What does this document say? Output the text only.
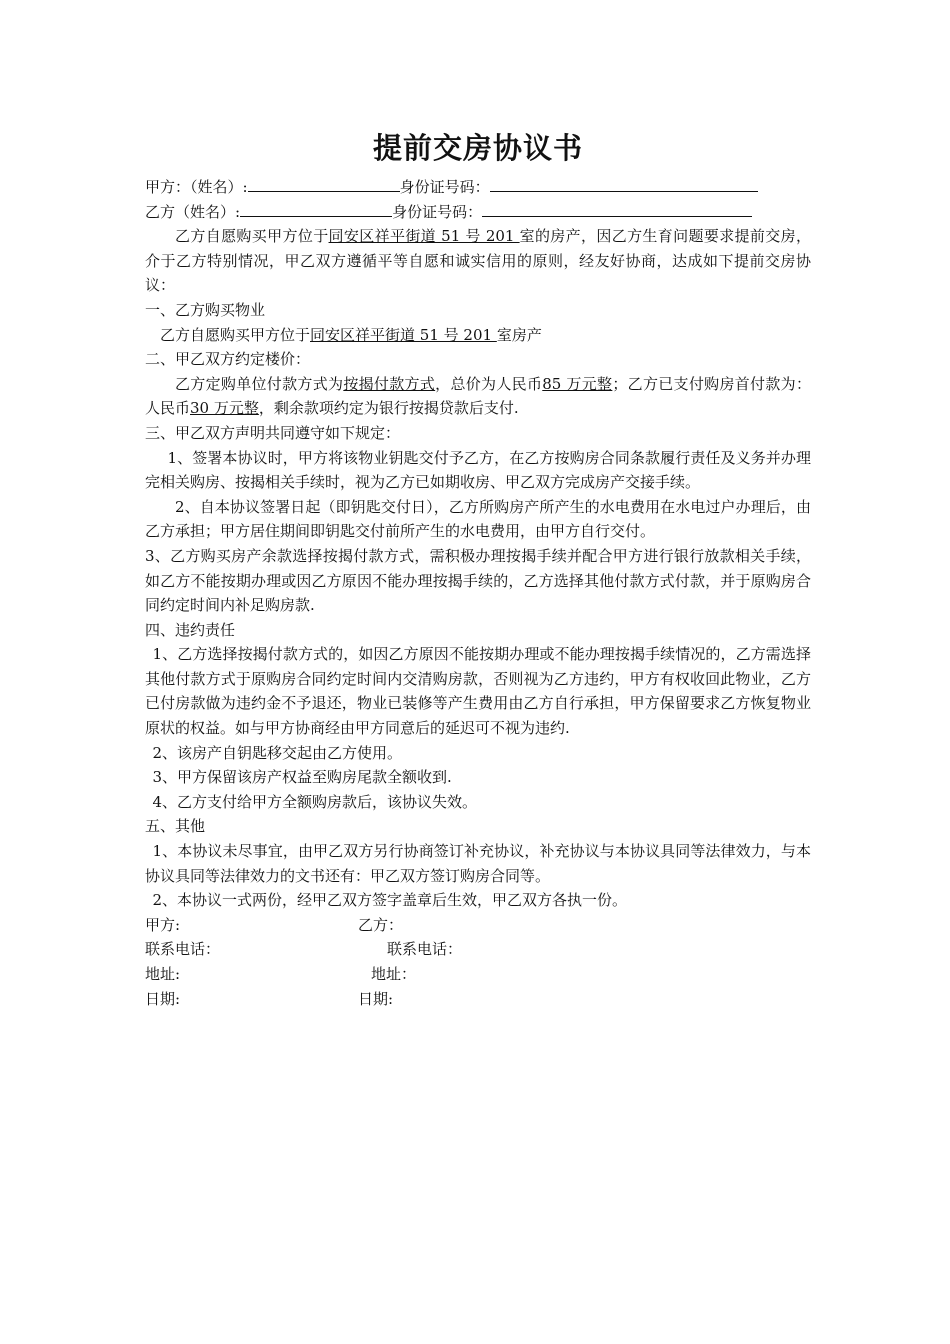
提前交房协议书
甲方：（姓名）:	身份证号码：
乙方（姓名）:	身份证号码：
乙方自愿购买甲方位于同安区祥平街道 51 号 201 室的房产，因乙方生育问题要求提前交房，介于乙方特别情况，甲乙双方遵循平等自愿和诚实信用的原则，经友好协商，达成如下提前交房协议：
一、乙方购买物业
乙方自愿购买甲方位于同安区祥平街道 51 号 201 室房产
二、甲乙双方约定楼价：
乙方定购单位付款方式为按揭付款方式，总价为人民币85 万元整；乙方已支付购房首付款为：人民币30 万元整，剩余款项约定为银行按揭贷款后支付.
三、甲乙双方声明共同遵守如下规定：
1、签署本协议时，甲方将该物业钥匙交付予乙方，在乙方按购房合同条款履行责任及义务并办理完相关购房、按揭相关手续时，视为乙方已如期收房、甲乙双方完成房产交接手续。
2、自本协议签署日起（即钥匙交付日），乙方所购房产所产生的水电费用在水电过户办理后，由乙方承担；甲方居住期间即钥匙交付前所产生的水电费用，由甲方自行交付。
3、乙方购买房产余款选择按揭付款方式，需积极办理按揭手续并配合甲方进行银行放款相关手续，如乙方不能按期办理或因乙方原因不能办理按揭手续的，乙方选择其他付款方式付款，并于原购房合同约定时间内补足购房款.
四、违约责任
1、乙方选择按揭付款方式的，如因乙方原因不能按期办理或不能办理按揭手续情况的，乙方需选择其他付款方式于原购房合同约定时间内交清购房款，否则视为乙方违约，甲方有权收回此物业，乙方已付房款做为违约金不予退还，物业已装修等产生费用由乙方自行承担，甲方保留要求乙方恢复物业原状的权益。如与甲方协商经由甲方同意后的延迟可不视为违约.
2、该房产自钥匙移交起由乙方使用。
3、甲方保留该房产权益至购房尾款全额收到.
4、乙方支付给甲方全额购房款后，该协议失效。
五、其他
1、本协议未尽事宜，由甲乙双方另行协商签订补充协议，补充协议与本协议具同等法律效力，与本协议具同等法律效力的文书还有：甲乙双方签订购房合同等。
2、本协议一式两份，经甲乙双方签字盖章后生效，甲乙双方各执一份。
甲方:	乙方：
联系电话：	联系电话：
地址:	地址：
日期:	日期:
